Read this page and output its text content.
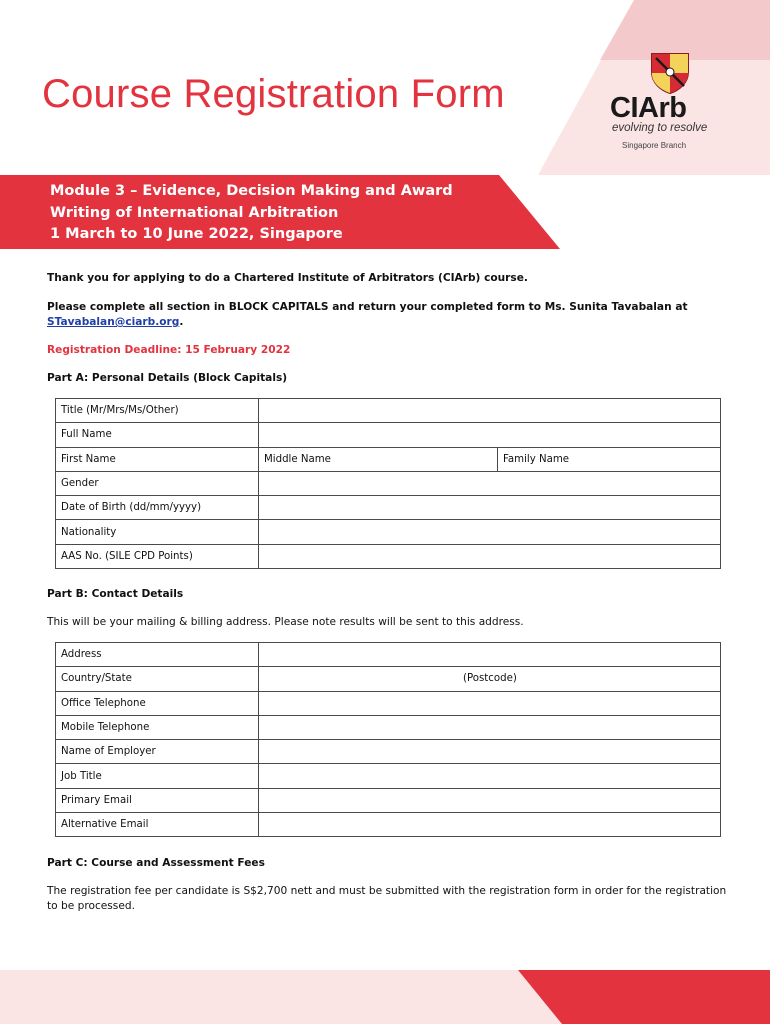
Course Registration Form	CIArb
evolving to resolve
Singapore Branch
Module 3 – Evidence, Decision Making and Award
Writing of International Arbitration
1 March to 10 June 2022, Singapore

Thank you for applying to do a Chartered Institute of Arbitrators (CIArb) course.

Please complete all section in BLOCK CAPITALS and return your completed form to Ms. Sunita Tavabalan at

STavabalan@ciarb.org.

Registration Deadline: 15 February 2022

Part A: Personal Details (Block Capitals)

Title (Mr/Mrs/Ms/Other)		
Full Name		
First Name	Middle Name	Family Name
Gender		
Date of Birth (dd/mm/yyyy)		
Nationality		
AAS No. (SILE CPD Points)		

Part B: Contact Details

This will be your mailing & billing address. Please note results will be sent to this address.

Address	
Country/State	(Postcode)
Office Telephone	
Mobile Telephone	
Name of Employer	
Job Title	
Primary Email	
Alternative Email	

Part C: Course and Assessment Fees

The registration fee per candidate is S$2,700 nett and must be submitted with the registration form in order for the registration

to be processed.
